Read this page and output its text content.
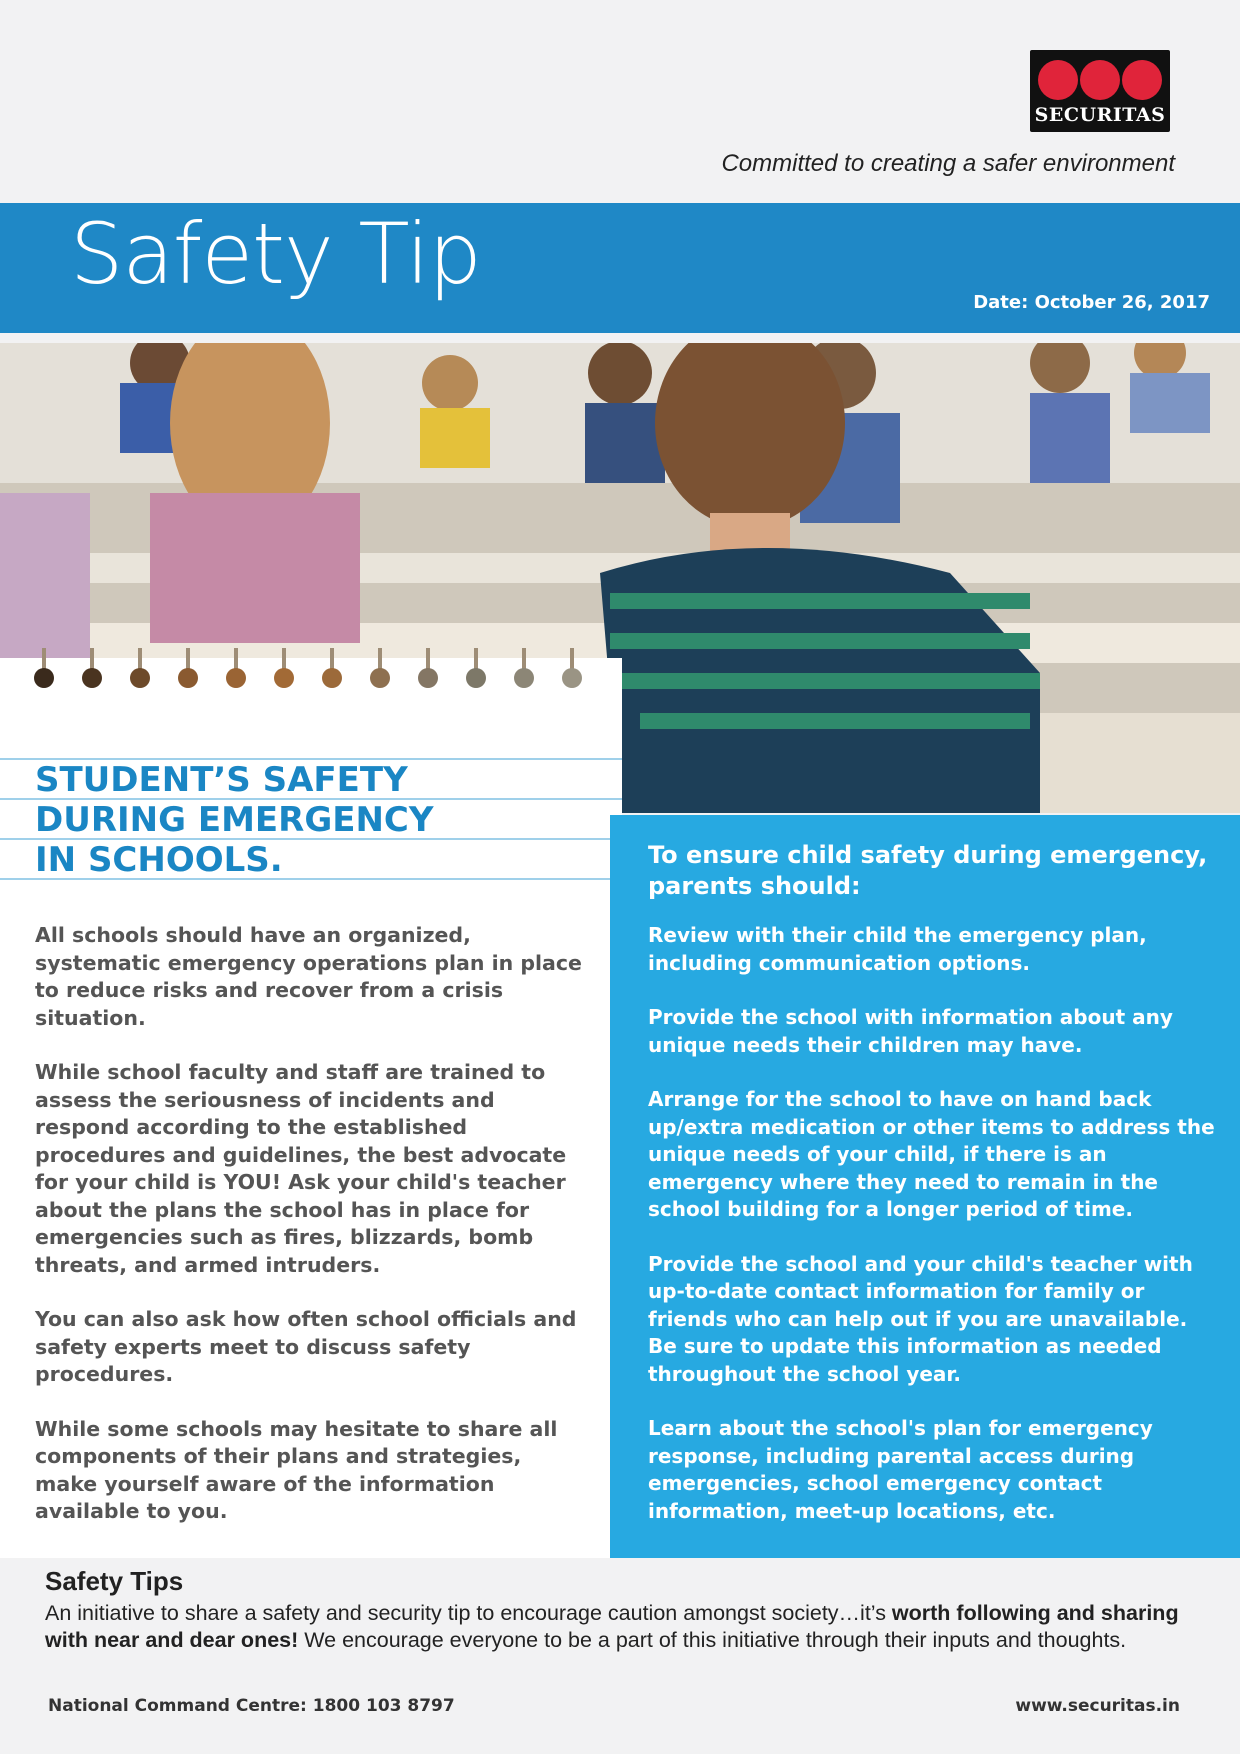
SECURITAS
Committed to creating a safer environment
Safety Tip	Date: October 26, 2017
STUDENT’S SAFETY
DURING EMERGENCY
IN SCHOOLS.

All schools should have an organized, systematic emergency operations plan in place to reduce risks and recover from a crisis situation.

While school faculty and staff are trained to assess the seriousness of incidents and respond according to the established procedures and guidelines, the best advocate for your child is YOU! Ask your child's teacher about the plans the school has in place for emergencies such as fires, blizzards, bomb threats, and armed intruders.

You can also ask how often school officials and safety experts meet to discuss safety procedures.

While some schools may hesitate to share all components of their plans and strategies, make yourself aware of the information available to you.

To ensure child safety during emergency, parents should:

Review with their child the emergency plan, including communication options.

Provide the school with information about any unique needs their children may have.

Arrange for the school to have on hand back up/extra medication or other items to address the unique needs of your child, if there is an emergency where they need to remain in the school building for a longer period of time.

Provide the school and your child's teacher with up-to-date contact information for family or friends who can help out if you are unavailable. Be sure to update this information as needed throughout the school year.

Learn about the school's plan for emergency response, including parental access during emergencies, school emergency contact information, meet-up locations, etc.

Safety Tips
An initiative to share a safety and security tip to encourage caution amongst society…it’s worth following and sharing with near and dear ones! We encourage everyone to be a part of this initiative through their inputs and thoughts.
National Command Centre: 1800 103 8797	www.securitas.in
